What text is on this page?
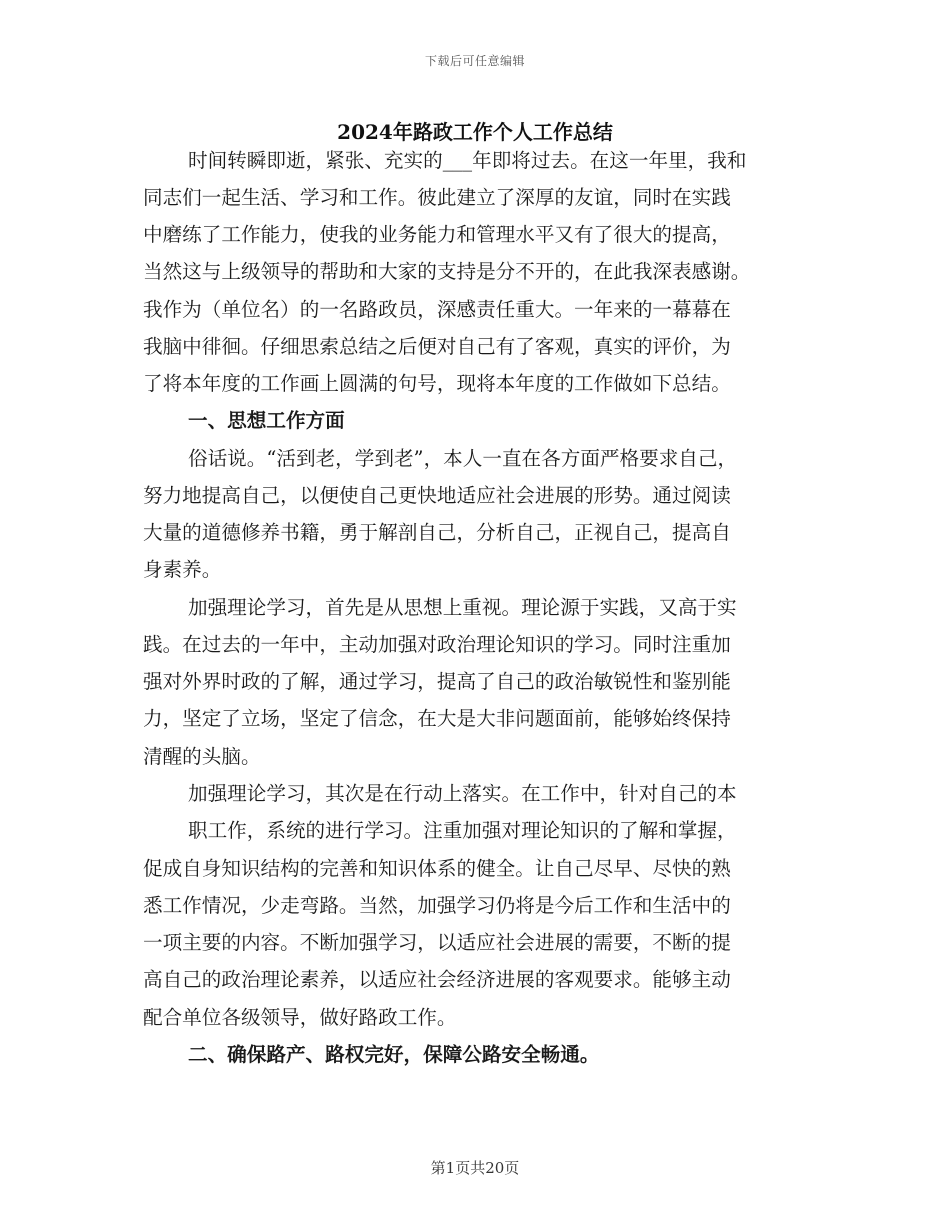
下载后可任意编辑
2024年路政工作个人工作总结
时间转瞬即逝，紧张、充实的___年即将过去。在这一年里，我和
同志们一起生活、学习和工作。彼此建立了深厚的友谊，同时在实践
中磨练了工作能力，使我的业务能力和管理水平又有了很大的提高，
当然这与上级领导的帮助和大家的支持是分不开的，在此我深表感谢。
我作为（单位名）的一名路政员，深感责任重大。一年来的一幕幕在
我脑中徘徊。仔细思索总结之后便对自己有了客观，真实的评价，为
了将本年度的工作画上圆满的句号，现将本年度的工作做如下总结。
一、思想工作方面
俗话说。“活到老，学到老”，本人一直在各方面严格要求自己，
努力地提高自己，以便使自己更快地适应社会进展的形势。通过阅读
大量的道德修养书籍，勇于解剖自己，分析自己，正视自己，提高自
身素养。
加强理论学习，首先是从思想上重视。理论源于实践，又高于实
践。在过去的一年中，主动加强对政治理论知识的学习。同时注重加
强对外界时政的了解，通过学习，提高了自己的政治敏锐性和鉴别能
力，坚定了立场，坚定了信念，在大是大非问题面前，能够始终保持
清醒的头脑。
加强理论学习，其次是在行动上落实。在工作中，针对自己的本
职工作，系统的进行学习。注重加强对理论知识的了解和掌握，
促成自身知识结构的完善和知识体系的健全。让自己尽早、尽快的熟
悉工作情况，少走弯路。当然，加强学习仍将是今后工作和生活中的
一项主要的内容。不断加强学习，以适应社会进展的需要，不断的提
高自己的政治理论素养，以适应社会经济进展的客观要求。能够主动
配合单位各级领导，做好路政工作。
二、确保路产、路权完好，保障公路安全畅通。
第1页共20页
